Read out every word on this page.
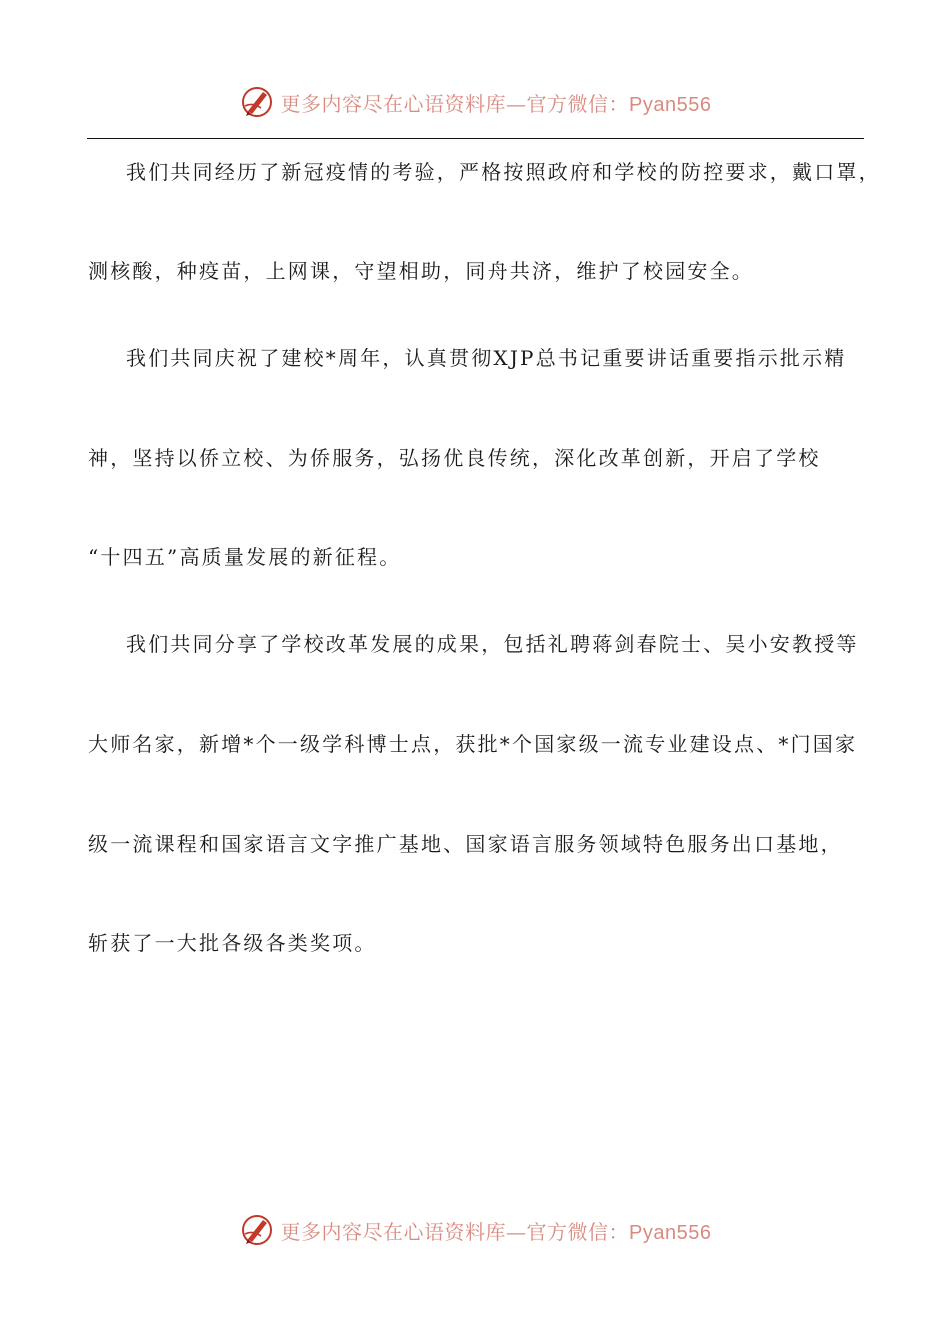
更多内容尽在心语资料库—官方微信：Pyan556
我们共同经历了新冠疫情的考验，严格按照政府和学校的防控要求，戴口罩，
测核酸，种疫苗，上网课，守望相助，同舟共济，维护了校园安全。
我们共同庆祝了建校*周年，认真贯彻XJP总书记重要讲话重要指示批示精
神，坚持以侨立校、为侨服务，弘扬优良传统，深化改革创新，开启了学校
“十四五”高质量发展的新征程。
我们共同分享了学校改革发展的成果，包括礼聘蒋剑春院士、吴小安教授等
大师名家，新增*个一级学科博士点，获批*个国家级一流专业建设点、*门国家
级一流课程和国家语言文字推广基地、国家语言服务领域特色服务出口基地，
斩获了一大批各级各类奖项。
更多内容尽在心语资料库—官方微信：Pyan556
